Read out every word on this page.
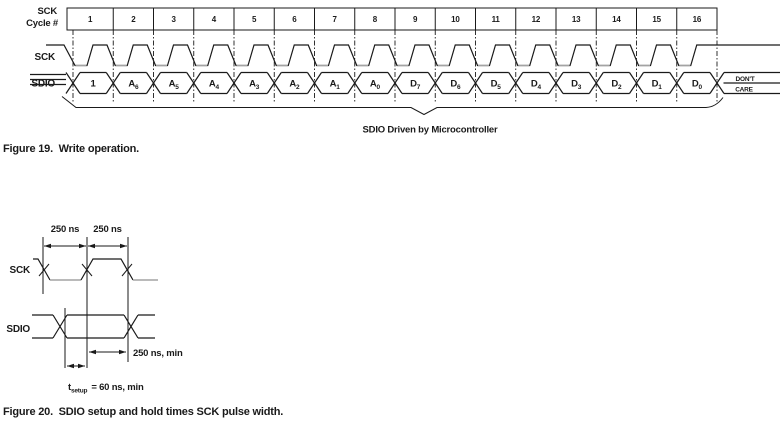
SCK
Cycle #	1	2	3	4	5	6	7	8	9	10	11	12	13	14	15	16
SCK
SDIO	1	$A_6$	$A_5$	$A_4$	$A_3$	$A_2$	$A_1$	$A_0$	$D_7$	$D_6$	$D_5$	$D_4$	$D_3$	$D_2$	$D_1$	$D_0$
DON'T
CARE
SDIO Driven by Microcontroller
Figure 19.  Write operation.
250 ns 250 ns
SCK
SDIO
250 ns, min
$t_{setup} = 60$ ns, min
Figure 20.  SDIO setup and hold times SCK pulse width.
